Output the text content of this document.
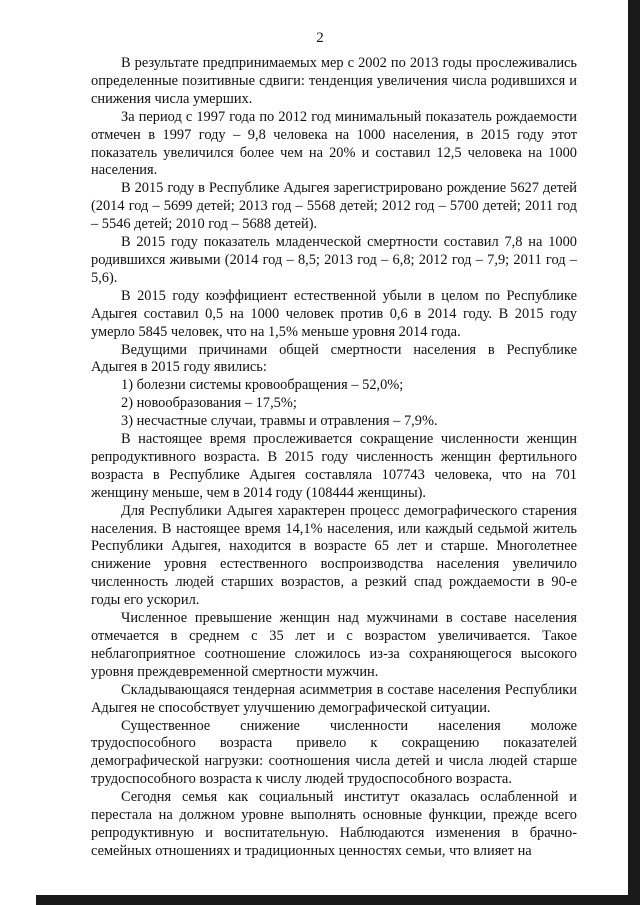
2

В результате предпринимаемых мер с 2002 по 2013 годы прослеживались определенные позитивные сдвиги: тенденция увеличения числа родившихся и снижения числа умерших.

За период с 1997 года по 2012 год минимальный показатель рождаемости отмечен в 1997 году – 9,8 человека на 1000 населения, в 2015 году этот показатель увеличился более чем на 20% и составил 12,5 человека на 1000 населения.

В 2015 году в Республике Адыгея зарегистрировано рождение 5627 детей (2014 год – 5699 детей; 2013 год – 5568 детей; 2012 год – 5700 детей; 2011 год – 5546 детей; 2010 год – 5688 детей).

В 2015 году показатель младенческой смертности составил 7,8 на 1000 родившихся живыми (2014 год – 8,5; 2013 год – 6,8; 2012 год – 7,9; 2011 год – 5,6).

В 2015 году коэффициент естественной убыли в целом по Республике Адыгея составил 0,5 на 1000 человек против 0,6 в 2014 году. В 2015 году умерло 5845 человек, что на 1,5% меньше уровня 2014 года.

Ведущими причинами общей смертности населения в Республике Адыгея в 2015 году явились:

1) болезни системы кровообращения – 52,0%;

2) новообразования – 17,5%;

3) несчастные случаи, травмы и отравления – 7,9%.

В настоящее время прослеживается сокращение численности женщин репродуктивного возраста. В 2015 году численность женщин фертильного возраста в Республике Адыгея составляла 107743 человека, что на 701 женщину меньше, чем в 2014 году (108444 женщины).

Для Республики Адыгея характерен процесс демографического старения населения. В настоящее время 14,1% населения, или каждый седьмой житель Республики Адыгея, находится в возрасте 65 лет и старше. Многолетнее снижение уровня естественного воспроизводства населения увеличило численность людей старших возрастов, а резкий спад рождаемости в 90-е годы его ускорил.

Численное превышение женщин над мужчинами в составе населения отмечается в среднем с 35 лет и с возрастом увеличивается. Такое неблагоприятное соотношение сложилось из-за сохраняющегося высокого уровня преждевременной смертности мужчин.

Складывающаяся тендерная асимметрия в составе населения Республики Адыгея не способствует улучшению демографической ситуации.

Существенное снижение численности населения моложе трудоспособного возраста привело к сокращению показателей демографической нагрузки: соотношения числа детей и числа людей старше трудоспособного возраста к числу людей трудоспособного возраста.

Сегодня семья как социальный институт оказалась ослабленной и перестала на должном уровне выполнять основные функции, прежде всего репродуктивную и воспитательную. Наблюдаются изменения в брачно-семейных отношениях и традиционных ценностях семьи, что влияет на
